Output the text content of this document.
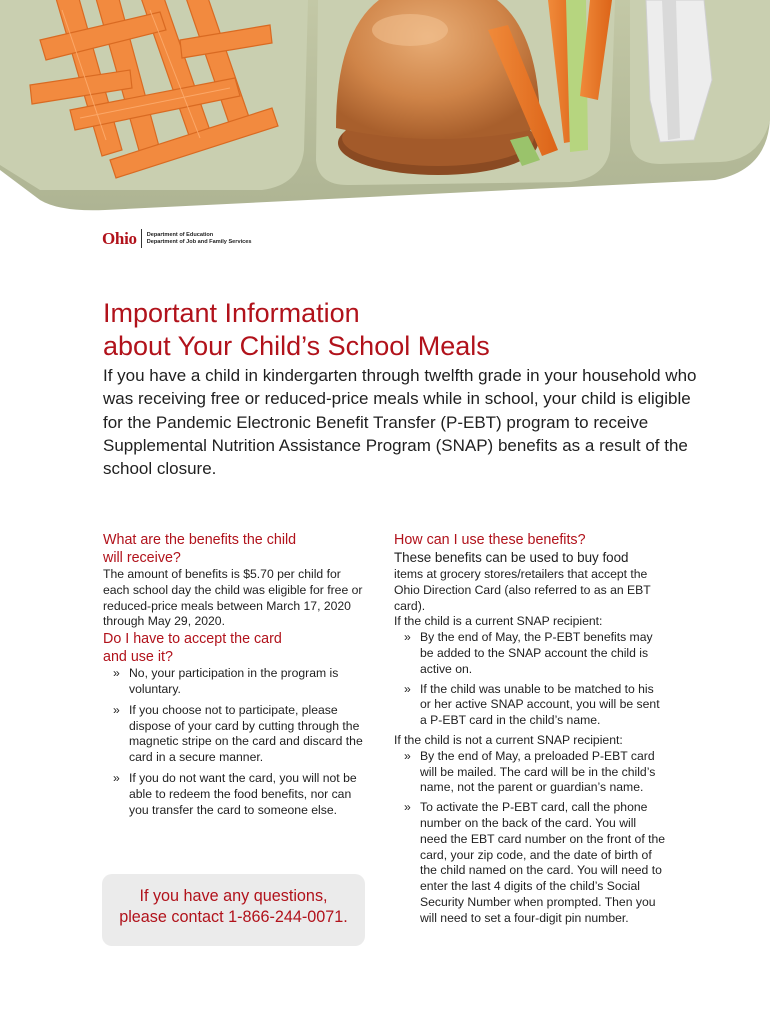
Ohio Department of Education
Department of Job and Family Services
Important Information
about Your Child’s School Meals

If you have a child in kindergarten through twelfth grade in your household who was receiving free or reduced-price meals while in school, your child is eligible for the Pandemic Electronic Benefit Transfer (P-EBT) program to receive Supplemental Nutrition Assistance Program (SNAP) benefits as a result of the school closure.

What are the benefits the child
will receive?

The amount of benefits is $5.70 per child for each school day the child was eligible for free or reduced-price meals between March 17, 2020 through May 29, 2020.

Do I have to accept the card
and use it?
» No, your participation in the program is voluntary.
» If you choose not to participate, please dispose of your card by cutting through the magnetic stripe on the card and discard the card in a secure manner.
» If you do not want the card, you will not be able to redeem the food benefits, nor can you transfer the card to someone else.

If you have any questions,
please contact 1-866-244-0071.

How can I use these benefits?

These benefits can be used to buy food
items at grocery stores/retailers that accept the Ohio Direction Card (also referred to as an EBT card).

If the child is a current SNAP recipient:

» By the end of May, the P-EBT benefits may be added to the SNAP account the child is active on.
» If the child was unable to be matched to his or her active SNAP account, you will be sent a P-EBT card in the child’s name.

If the child is not a current SNAP recipient:

» By the end of May, a preloaded P-EBT card will be mailed. The card will be in the child’s name, not the parent or guardian’s name.
» To activate the P-EBT card, call the phone number on the back of the card. You will need the EBT card number on the front of the card, your zip code, and the date of birth of the child named on the card. You will need to enter the last 4 digits of the child’s Social Security Number when prompted. Then you will need to set a four-digit pin number.
